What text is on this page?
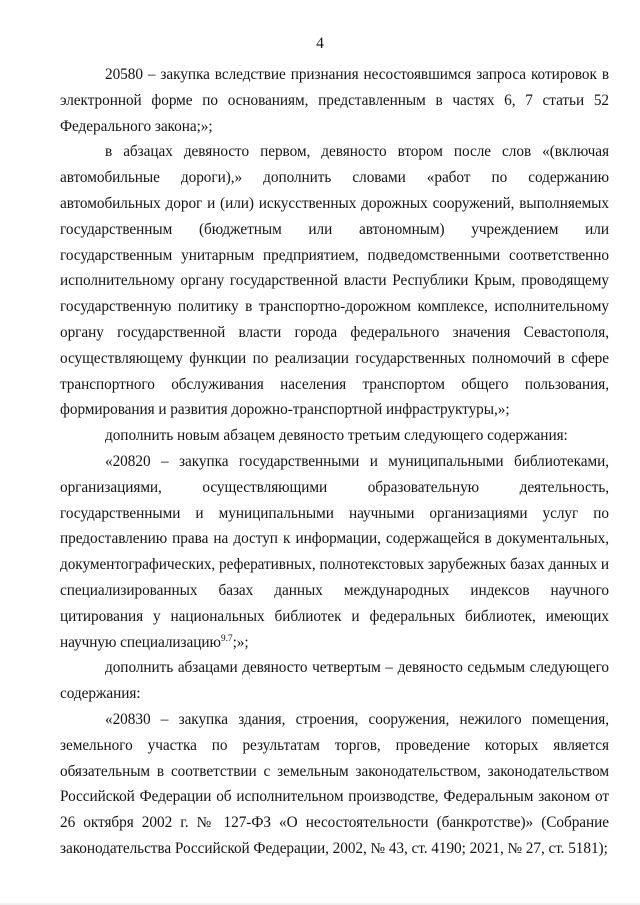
4

20580 – закупка вследствие признания несостоявшимся запроса котировок в электронной форме по основаниям, представленным в частях 6, 7 статьи 52 Федерального закона;»;

в абзацах девяносто первом, девяносто втором после слов «(включая автомобильные дороги),» дополнить словами «работ по содержанию автомобильных дорог и (или) искусственных дорожных сооружений, выполняемых государственным (бюджетным или автономным) учреждением или государственным унитарным предприятием, подведомственными соответственно исполнительному органу государственной власти Республики Крым, проводящему государственную политику в транспортно-дорожном комплексе, исполнительному органу государственной власти города федерального значения Севастополя, осуществляющему функции по реализации государственных полномочий в сфере транспортного обслуживания населения транспортом общего пользования, формирования и развития дорожно-транспортной инфраструктуры,»;

дополнить новым абзацем девяносто третьим следующего содержания:

«20820 – закупка государственными и муниципальными библиотеками, организациями, осуществляющими образовательную деятельность, государственными и муниципальными научными организациями услуг по предоставлению права на доступ к информации, содержащейся в документальных, документографических, реферативных, полнотекстовых зарубежных базах данных и специализированных базах данных международных индексов научного цитирования у национальных библиотек и федеральных библиотек, имеющих научную специализацию$^{9.7}$;»;

дополнить абзацами девяносто четвертым – девяносто седьмым следующего содержания:

«20830 – закупка здания, строения, сооружения, нежилого помещения, земельного участка по результатам торгов, проведение которых является обязательным в соответствии с земельным законодательством, законодательством Российской Федерации об исполнительном производстве, Федеральным законом от 26 октября 2002 г. № 127-ФЗ «О несостоятельности (банкротстве)» (Собрание законодательства Российской Федерации, 2002, № 43, ст. 4190; 2021, № 27, ст. 5181);
